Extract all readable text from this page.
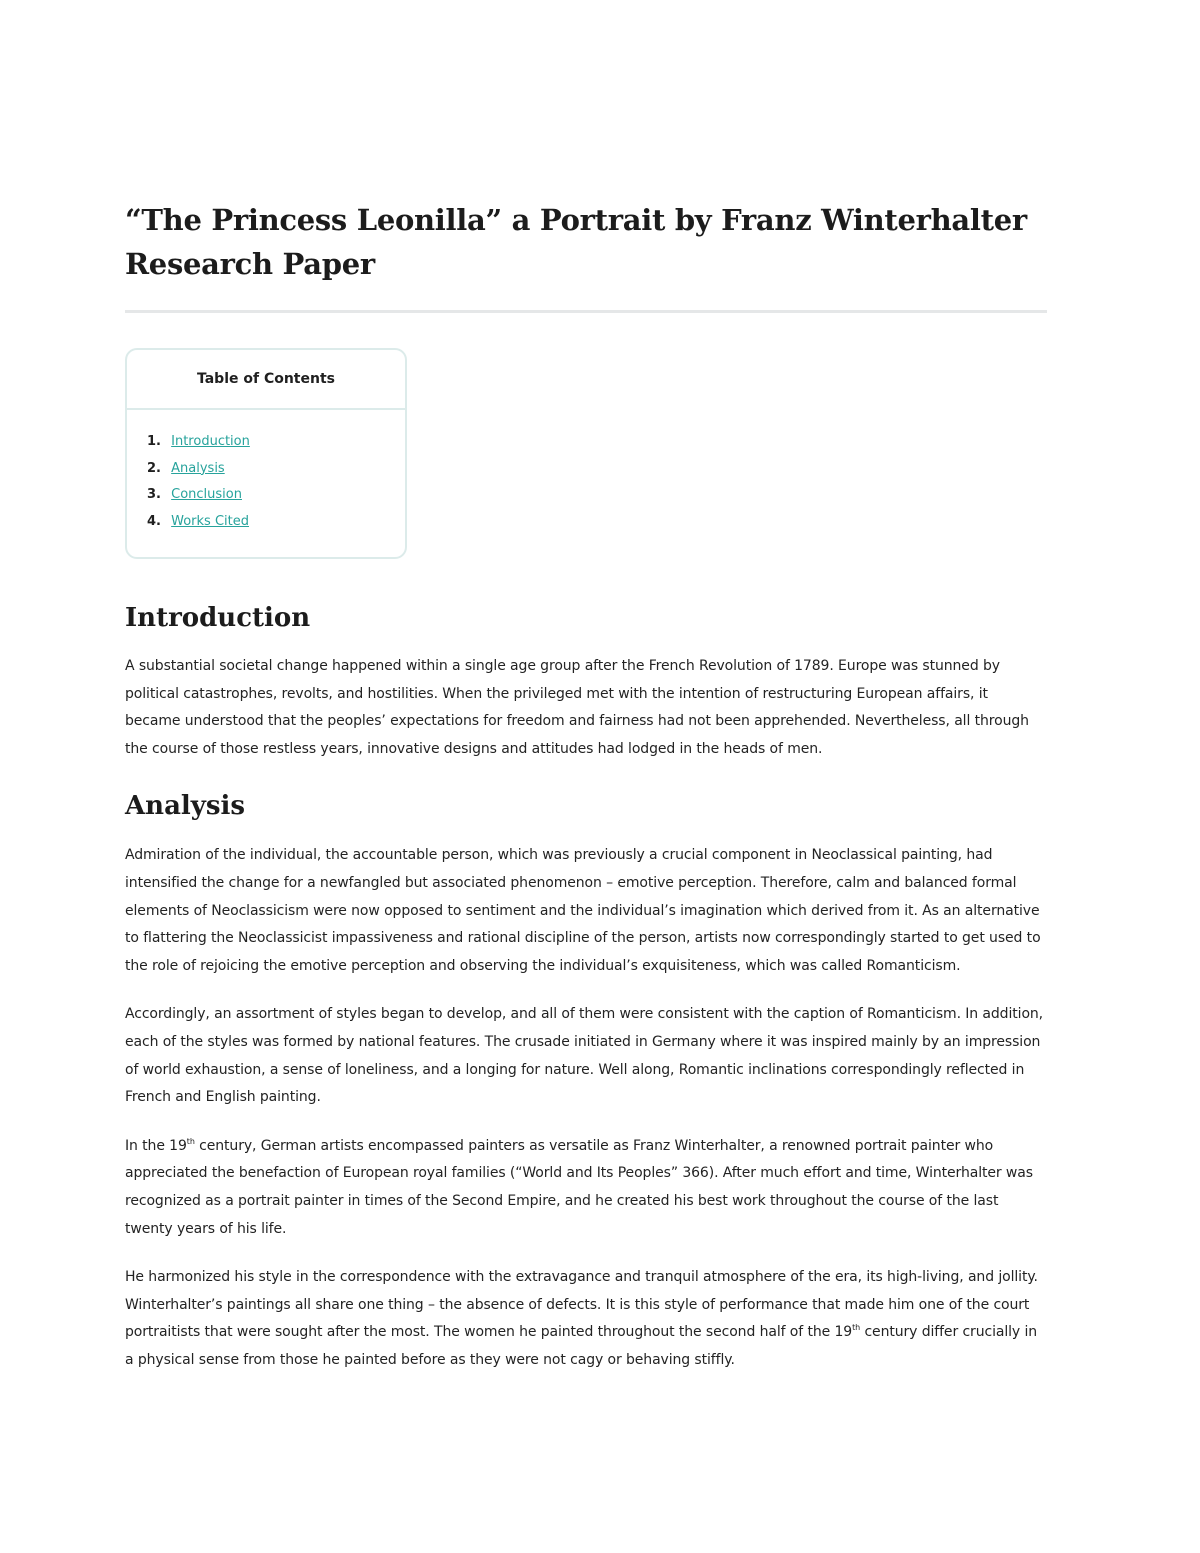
“The Princess Leonilla” a Portrait by Franz Winterhalter
Research Paper
Table of Contents
1. Introduction
2. Analysis
3. Conclusion
4. Works Cited
Introduction

A substantial societal change happened within a single age group after the French Revolution of 1789. Europe was stunned by political catastrophes, revolts, and hostilities. When the privileged met with the intention of restructuring European affairs, it became understood that the peoples’ expectations for freedom and fairness had not been apprehended. Nevertheless, all through the course of those restless years, innovative designs and attitudes had lodged in the heads of men.

Analysis

Admiration of the individual, the accountable person, which was previously a crucial component in Neoclassical painting, had intensified the change for a newfangled but associated phenomenon – emotive perception. Therefore, calm and balanced formal elements of Neoclassicism were now opposed to sentiment and the individual’s imagination which derived from it. As an alternative to flattering the Neoclassicist impassiveness and rational discipline of the person, artists now correspondingly started to get used to the role of rejoicing the emotive perception and observing the individual’s exquisiteness, which was called Romanticism.

Accordingly, an assortment of styles began to develop, and all of them were consistent with the caption of Romanticism. In addition, each of the styles was formed by national features. The crusade initiated in Germany where it was inspired mainly by an impression of world exhaustion, a sense of loneliness, and a longing for nature. Well along, Romantic inclinations correspondingly reflected in French and English painting.

In the 19th century, German artists encompassed painters as versatile as Franz Winterhalter, a renowned portrait painter who appreciated the benefaction of European royal families (“World and Its Peoples” 366). After much effort and time, Winterhalter was recognized as a portrait painter in times of the Second Empire, and he created his best work throughout the course of the last twenty years of his life.

He harmonized his style in the correspondence with the extravagance and tranquil atmosphere of the era, its high-living, and jollity. Winterhalter’s paintings all share one thing – the absence of defects. It is this style of performance that made him one of the court portraitists that were sought after the most. The women he painted throughout the second half of the 19th century differ crucially in a physical sense from those he painted before as they were not cagy or behaving stiffly.
